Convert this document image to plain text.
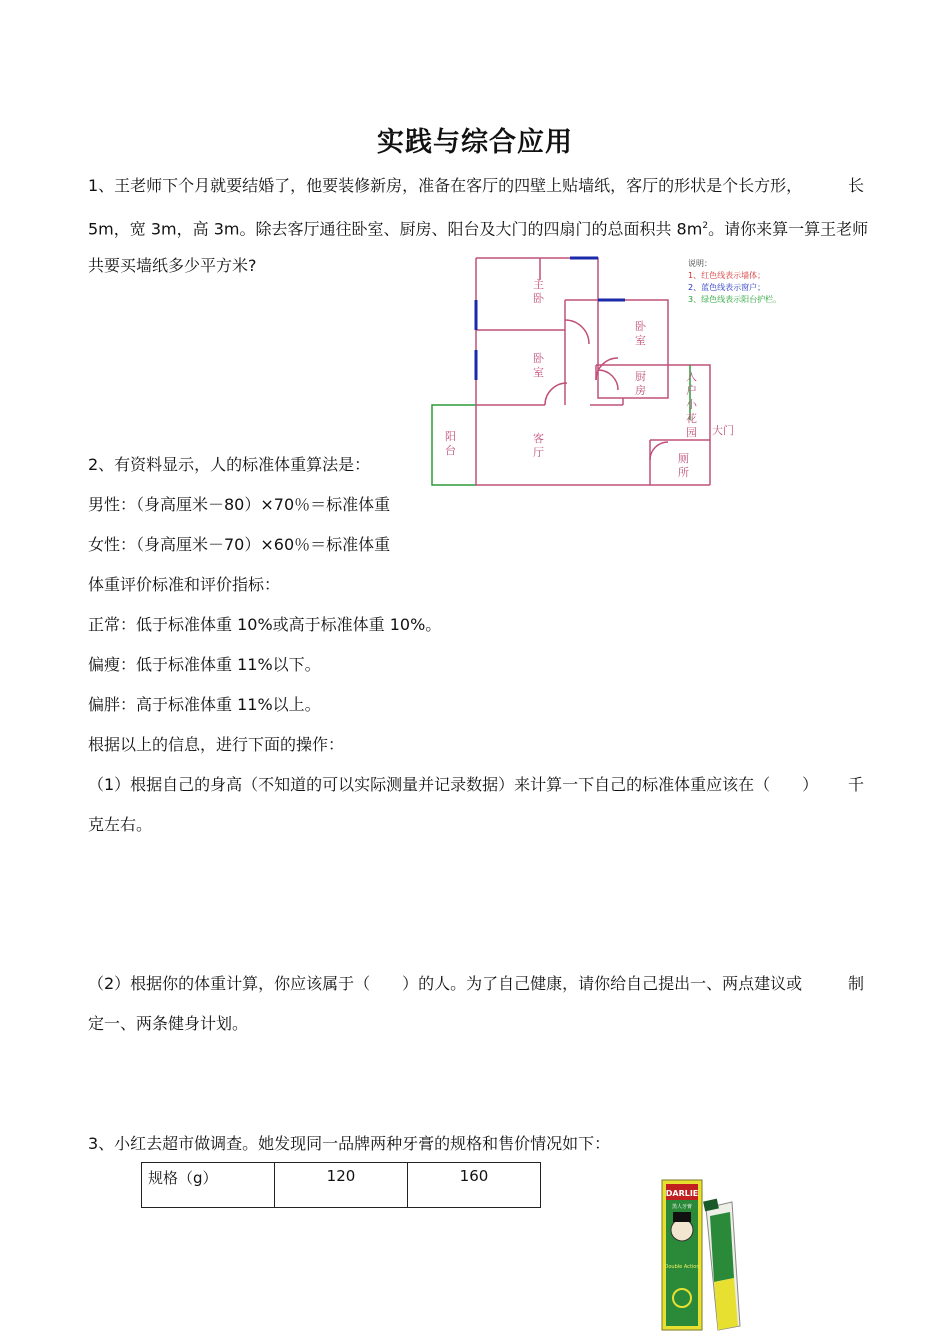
实践与综合应用
1、王老师下个月就要结婚了，他要装修新房，准备在客厅的四壁上贴墙纸，客厅的形状是个长方形，	长
5m，宽 3m，高 3m。除去客厅通往卧室、厨房、阳台及大门的四扇门的总面积共 $8m^2$。请你来算一算王老师
共要买墙纸多少平方米?
主
卧
卧
室
卧
室
厨
房
入
户
小
花
园 大门
阳
台
客
厅	厕
所
说明：
1、红色线表示墙体；
2、蓝色线表示窗户；
3、绿色线表示阳台护栏。
2、有资料显示，人的标准体重算法是：
男性：（身高厘米－80）×70％＝标准体重
女性：（身高厘米－70）×60％＝标准体重
体重评价标准和评价指标：
正常：低于标准体重 10%或高于标准体重 10%。
偏瘦：低于标准体重 11%以下。
偏胖：高于标准体重 11%以上。
根据以上的信息，进行下面的操作：
（1）根据自己的身高（不知道的可以实际测量并记录数据）来计算一下自己的标准体重应该在（　　） 千
克左右。
（2）根据你的体重计算，你应该属于（　　）的人。为了自己健康，请你给自己提出一、两点建议或	制
定一、两条健身计划。
3、小红去超市做调查。她发现同一品牌两种牙膏的规格和售价情况如下：
规格（g）	120	160
DARLIE
黑人牙膏
Double Action
